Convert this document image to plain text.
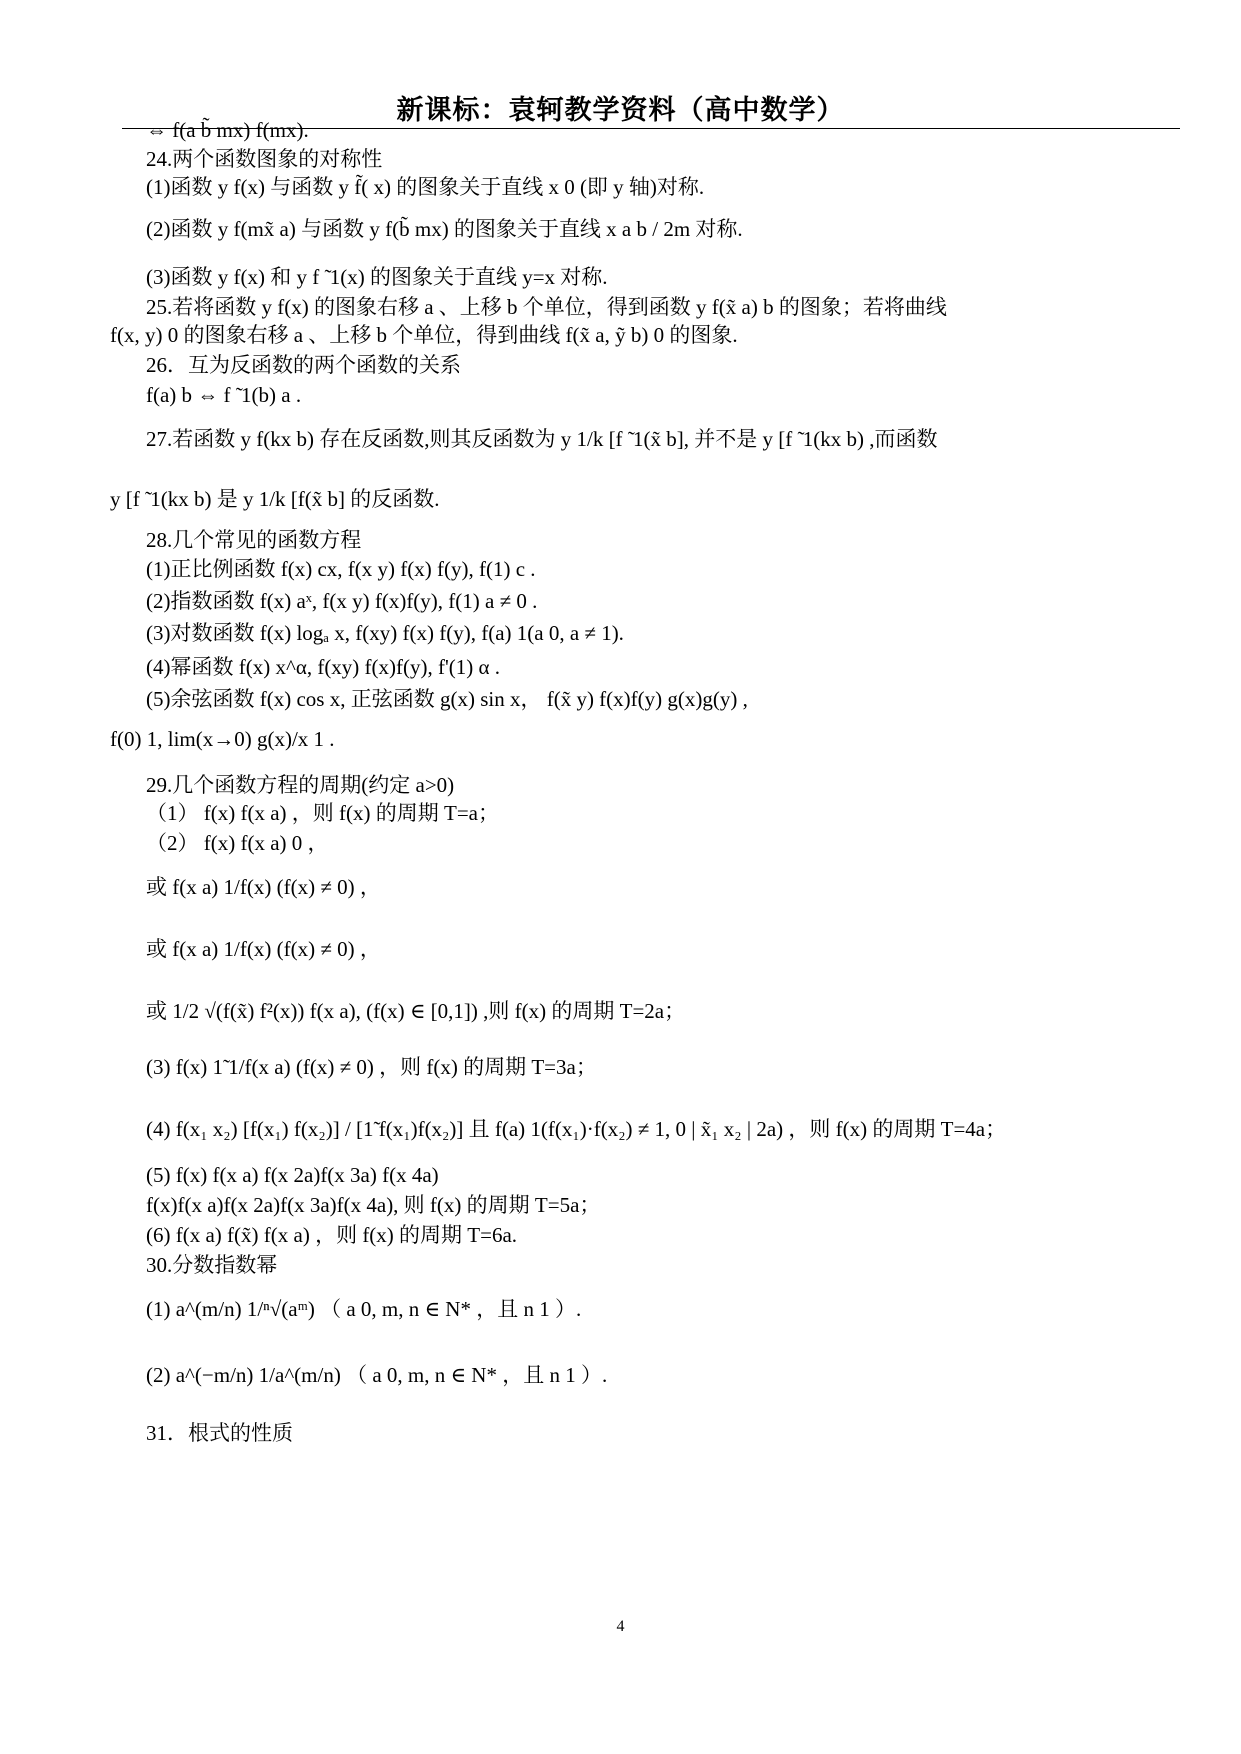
新课标：袁轲教学资料（高中数学）
⇔ f(a b̃ mx) f(mx).
24.两个函数图象的对称性
(1)函数 y f(x) 与函数 y f̃( x) 的图象关于直线 x 0 (即 y 轴)对称.
(2)函数 y f(mx̃ a) 与函数 y f(b̃ mx) 的图象关于直线 x a b / 2m 对称.
(3)函数 y f(x) 和 y f ̃ 1(x) 的图象关于直线 y=x 对称.
25.若将函数 y f(x) 的图象右移 a 、上移 b 个单位，得到函数 y f(x̃ a) b 的图象；若将曲线
f(x, y) 0 的图象右移 a 、上移 b 个单位，得到曲线 f(x̃ a, ỹ b) 0 的图象.
26．互为反函数的两个函数的关系
f(a) b ⇔ f ̃ 1(b) a .
27.若函数 y f(kx b) 存在反函数,则其反函数为 y 1/k [f ̃ 1(x̃ b], 并不是 y [f ̃ 1(kx b) ,而函数
y [f ̃ 1(kx b) 是 y 1/k [f(x̃ b] 的反函数.
28.几个常见的函数方程
(1)正比例函数 f(x) cx, f(x y) f(x) f(y), f(1) c .
(2)指数函数 f(x) aˣ, f(x y) f(x)f(y), f(1) a ≠ 0 .
(3)对数函数 f(x) logₐ x, f(xy) f(x) f(y), f(a) 1(a 0, a ≠ 1).
(4)幂函数 f(x) x^α, f(xy) f(x)f(y), f'(1) α .
(5)余弦函数 f(x) cos x, 正弦函数 g(x) sin x， f(x̃ y) f(x)f(y) g(x)g(y) ,
f(0) 1, lim(x→0) g(x)/x 1 .
29.几个函数方程的周期(约定 a>0)
（1） f(x) f(x a) ，则 f(x) 的周期 T=a；
（2） f(x) f(x a) 0 ，
或 f(x a) 1/f(x) (f(x) ≠ 0) ，
或 f(x a) 1/f(x) (f(x) ≠ 0) ，
或 1/2 √(f(x̃) f²(x)) f(x a), (f(x) ∈ [0,1]) ,则 f(x) 的周期 T=2a；
(3) f(x) 1̃ 1/f(x a) (f(x) ≠ 0) ，则 f(x) 的周期 T=3a；
(4) f(x₁ x₂) [f(x₁) f(x₂)] / [1̃ f(x₁)f(x₂)] 且 f(a) 1(f(x₁)·f(x₂) ≠ 1, 0 | x̃₁ x₂ | 2a) ，则 f(x) 的周期 T=4a；
(5) f(x) f(x a) f(x 2a)f(x 3a) f(x 4a)
f(x)f(x a)f(x 2a)f(x 3a)f(x 4a), 则 f(x) 的周期 T=5a；
(6) f(x a) f(x̃) f(x a) ，则 f(x) 的周期 T=6a.
30.分数指数幂
(1) a^(m/n) 1/ⁿ√(aᵐ) （ a 0, m, n ∈ N* ，且 n 1 ）.
(2) a^(−m/n) 1/a^(m/n) （ a 0, m, n ∈ N* ，且 n 1 ）.
31．根式的性质
4
